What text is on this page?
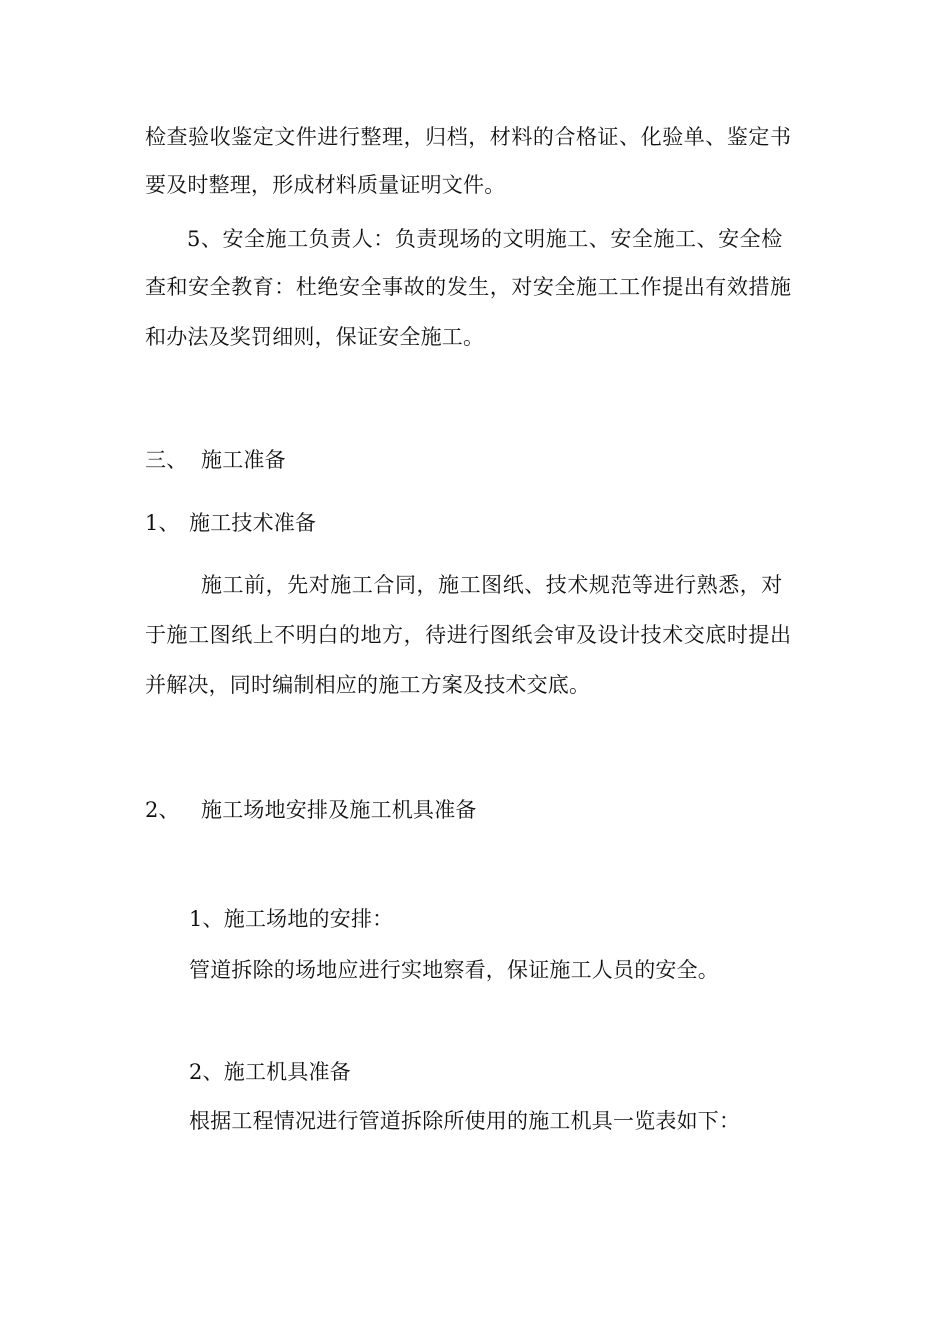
检查验收鉴定文件进行整理，归档，材料的合格证、化验单、鉴定书
要及时整理，形成材料质量证明文件。
5、安全施工负责人：负责现场的文明施工、安全施工、安全检
查和安全教育：杜绝安全事故的发生，对安全施工工作提出有效措施
和办法及奖罚细则，保证安全施工。
三、 施工准备
1、 施工技术准备
施工前，先对施工合同，施工图纸、技术规范等进行熟悉，对
于施工图纸上不明白的地方，待进行图纸会审及设计技术交底时提出
并解决，同时编制相应的施工方案及技术交底。
2、 施工场地安排及施工机具准备
1、施工场地的安排：
管道拆除的场地应进行实地察看，保证施工人员的安全。
2、施工机具准备
根据工程情况进行管道拆除所使用的施工机具一览表如下：
